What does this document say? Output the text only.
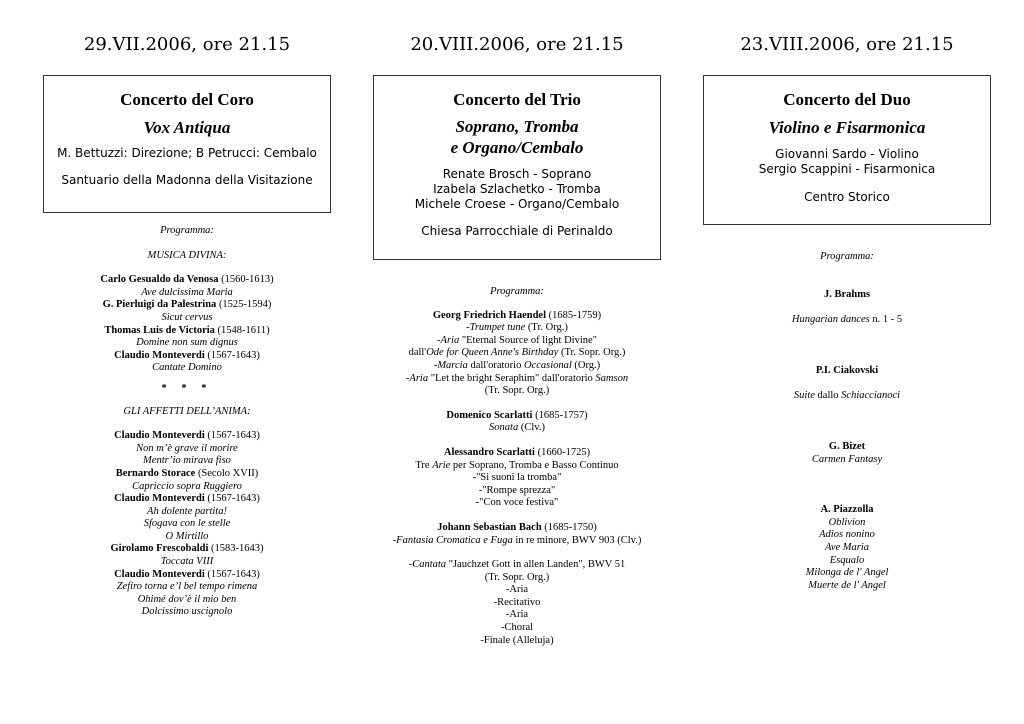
29.VII.2006, ore 21.15
Concerto del Coro
Vox Antiqua
M. Bettuzzi: Direzione; B Petrucci: Cembalo
Santuario della Madonna della Visitazione
Programma:
MUSICA DIVINA:
Carlo Gesualdo da Venosa (1560-1613)
Ave dulcissima Maria
G. Pierluigi da Palestrina (1525-1594)
Sicut cervus
Thomas Luis de Victoria (1548-1611)
Domine non sum dignus
Claudio Monteverdi (1567-1643)
Cantate Domino
* * *
GLI AFFETTI DELL’ANIMA:
Claudio Monteverdi (1567-1643)
Non m’è grave il morire
Mentr’io mirava fiso
Bernardo Storace (Secolo XVII)
Capriccio sopra Ruggiero
Claudio Monteverdi (1567-1643)
Ah dolente partita!
Sfogava con le stelle
O Mirtillo
Girolamo Frescobaldi (1583-1643)
Toccata VIII
Claudio Monteverdi (1567-1643)
Zefiro torna e’l bel tempo rimena
Ohimé dov’è il mio ben
Dolcissimo uscignolo
20.VIII.2006, ore 21.15
Concerto del Trio
Soprano, Tromba
e Organo/Cembalo
Renate Brosch - Soprano
Izabela Szlachetko - Tromba
Michele Croese - Organo/Cembalo
Chiesa Parrocchiale di Perinaldo
Programma:
Georg Friedrich Haendel (1685-1759)
-Trumpet tune (Tr. Org.)
-Aria "Eternal Source of light Divine"
dall'Ode for Queen Anne's Birthday (Tr. Sopr. Org.)
-Marcia dall'oratorio Occasional (Org.)
-Aria "Let the bright Seraphim" dall'oratorio Samson
(Tr. Sopr. Org.)
Domenico Scarlatti (1685-1757)
Sonata (Clv.)
Alessandro Scarlatti (1660-1725)
Tre Arie per Soprano, Tromba e Basso Continuo
-"Si suoni la tromba"
-"Rompe sprezza"
-"Con voce festiva"
Johann Sebastian Bach (1685-1750)
-Fantasia Cromatica e Fuga in re minore, BWV 903 (Clv.)
-Cantata "Jauchzet Gott in allen Landen", BWV 51
(Tr. Sopr. Org.)
-Aria
-Recitativo
-Aria
-Choral
-Finale (Alleluja)
23.VIII.2006, ore 21.15
Concerto del Duo
Violino e Fisarmonica
Giovanni Sardo - Violino
Sergio Scappini - Fisarmonica
Centro Storico
Programma:
J. Brahms
Hungarian dances n. 1 - 5
P.I. Ciakovski
Suite dallo Schiaccianoci
G. Bizet
Carmen Fantasy
A. Piazzolla
Oblivion
Adios nonino
Ave Maria
Esqualo
Milonga de l' Angel
Muerte de l' Angel
